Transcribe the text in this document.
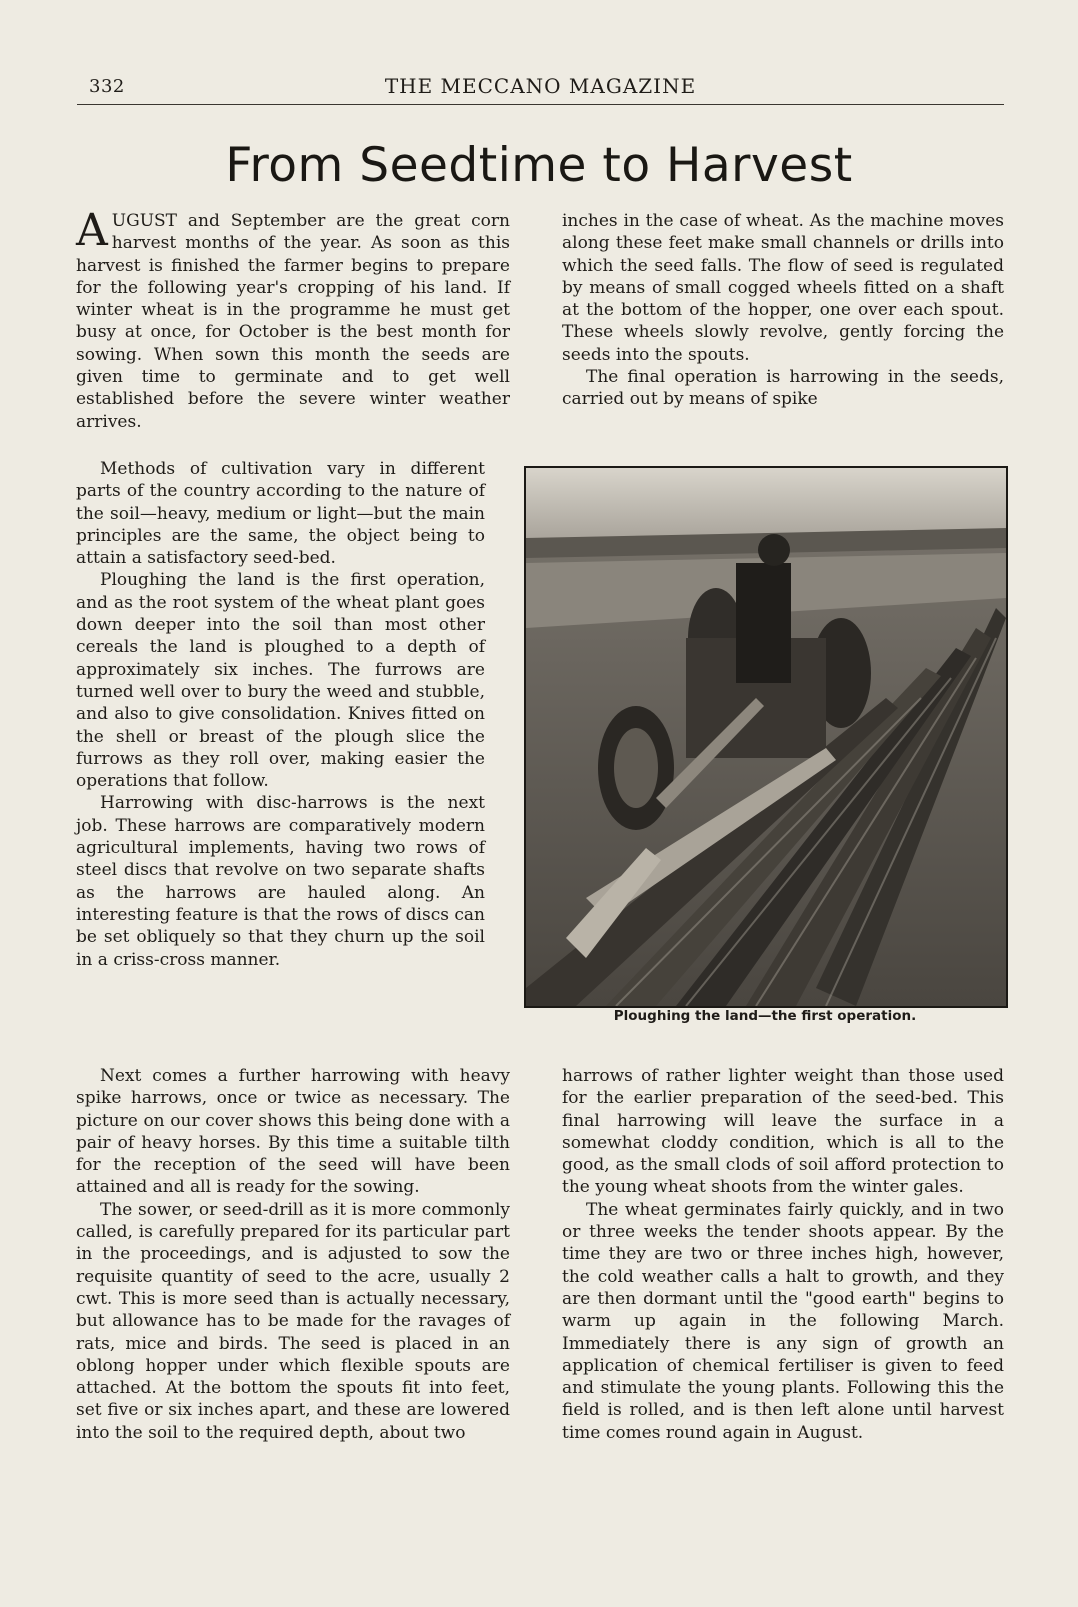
332	THE MECCANO MAGAZINE
From Seedtime to Harvest

AUGUST and September are the great corn harvest months of the year. As soon as this harvest is finished the farmer begins to prepare for the following year's cropping of his land. If winter wheat is in the programme he must get busy at once, for October is the best month for sowing. When sown this month the seeds are given time to germinate and to get well established before the severe winter weather arrives.

Methods of cultivation vary in different parts of the country according to the nature of the soil—heavy, medium or light—but the main principles are the same, the object being to attain a satisfactory seed-bed.

Ploughing the land is the first operation, and as the root system of the wheat plant goes down deeper into the soil than most other cereals the land is ploughed to a depth of approximately six inches. The furrows are turned well over to bury the weed and stubble, and also to give consolidation. Knives fitted on the shell or breast of the plough slice the furrows as they roll over, making easier the operations that follow.

Harrowing with disc-harrows is the next job. These harrows are comparatively modern agricultural implements, having two rows of steel discs that revolve on two separate shafts as the harrows are hauled along. An interesting feature is that the rows of discs can be set obliquely so that they churn up the soil in a criss-cross manner.

Next comes a further harrowing with heavy spike harrows, once or twice as necessary. The picture on our cover shows this being done with a pair of heavy horses. By this time a suitable tilth for the reception of the seed will have been attained and all is ready for the sowing.

The sower, or seed-drill as it is more commonly called, is carefully prepared for its particular part in the proceedings, and is adjusted to sow the requisite quantity of seed to the acre, usually 2 cwt. This is more seed than is actually necessary, but allowance has to be made for the ravages of rats, mice and birds. The seed is placed in an oblong hopper under which flexible spouts are attached. At the bottom the spouts fit into feet, set five or six inches apart, and these are lowered into the soil to the required depth, about two

inches in the case of wheat. As the machine moves along these feet make small channels or drills into which the seed falls. The flow of seed is regulated by means of small cogged wheels fitted on a shaft at the bottom of the hopper, one over each spout. These wheels slowly revolve, gently forcing the seeds into the spouts.

The final operation is harrowing in the seeds, carried out by means of spike

Ploughing the land—the first operation.

harrows of rather lighter weight than those used for the earlier preparation of the seed-bed. This final harrowing will leave the surface in a somewhat cloddy condition, which is all to the good, as the small clods of soil afford protection to the young wheat shoots from the winter gales.

The wheat germinates fairly quickly, and in two or three weeks the tender shoots appear. By the time they are two or three inches high, however, the cold weather calls a halt to growth, and they are then dormant until the "good earth" begins to warm up again in the following March. Immediately there is any sign of growth an application of chemical fertiliser is given to feed and stimulate the young plants. Following this the field is rolled, and is then left alone until harvest time comes round again in August.
